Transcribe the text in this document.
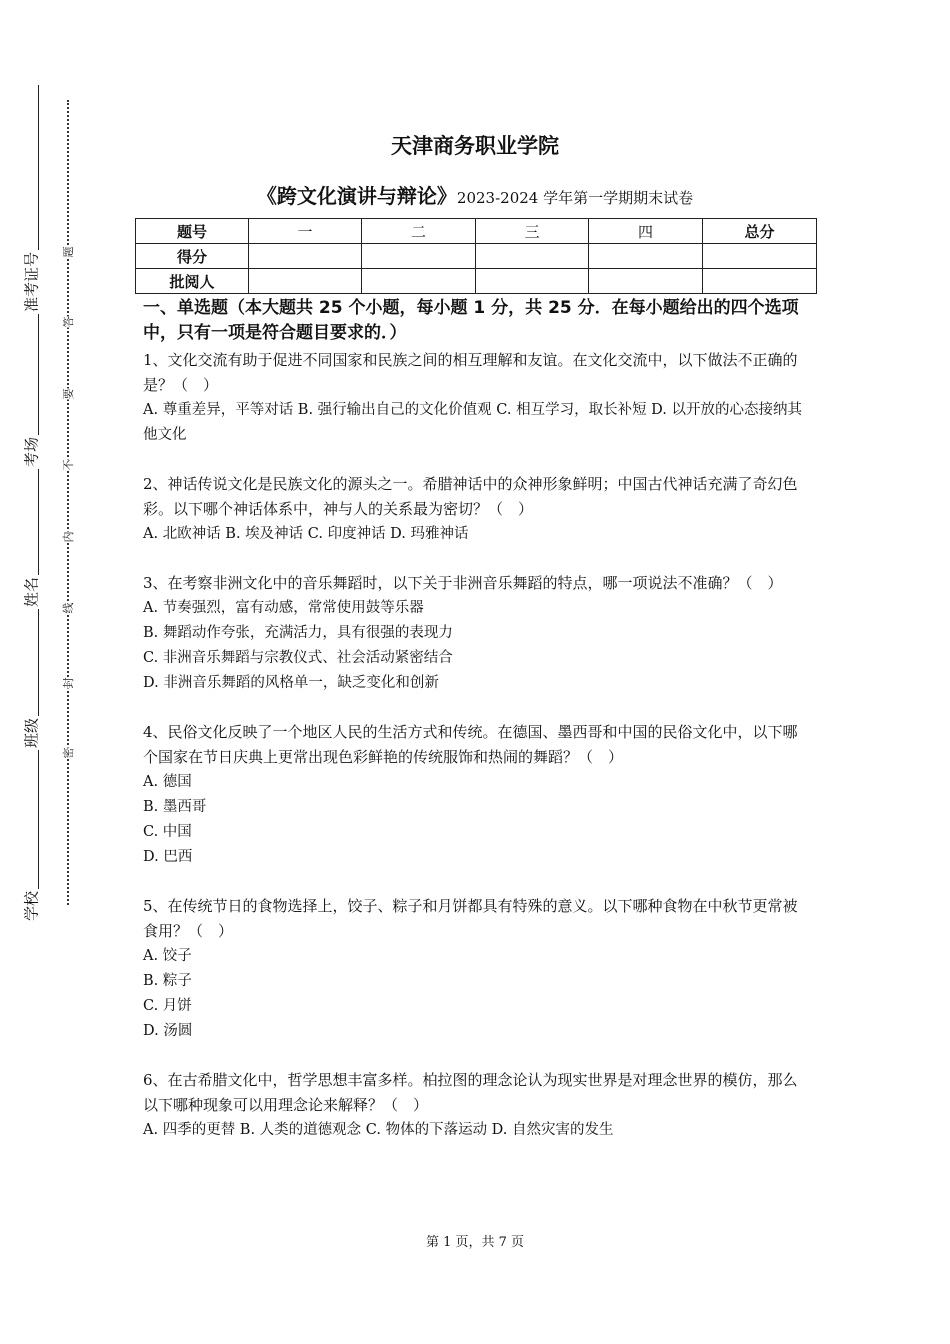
准考证号
考场
姓名
班级
学校
题
答
要
不
内
线
封
密
天津商务职业学院
《跨文化演讲与辩论》2023-2024 学年第一学期期末试卷
题号	一	二	三	四	总分
得分					
批阅人					
一、单选题（本大题共 25 个小题，每小题 1 分，共 25 分．在每小题给出的四个选项中，只有一项是符合题目要求的．）
1、文化交流有助于促进不同国家和民族之间的相互理解和友谊。在文化交流中，以下做法不正确的是？（　）
A. 尊重差异，平等对话 B. 强行输出自己的文化价值观 C. 相互学习，取长补短 D. 以开放的心态接纳其他文化
2、神话传说文化是民族文化的源头之一。希腊神话中的众神形象鲜明；中国古代神话充满了奇幻色彩。以下哪个神话体系中，神与人的关系最为密切？（　）
A. 北欧神话 B. 埃及神话 C. 印度神话 D. 玛雅神话
3、在考察非洲文化中的音乐舞蹈时，以下关于非洲音乐舞蹈的特点，哪一项说法不准确？（　）
A. 节奏强烈，富有动感，常常使用鼓等乐器
B. 舞蹈动作夸张，充满活力，具有很强的表现力
C. 非洲音乐舞蹈与宗教仪式、社会活动紧密结合
D. 非洲音乐舞蹈的风格单一，缺乏变化和创新
4、民俗文化反映了一个地区人民的生活方式和传统。在德国、墨西哥和中国的民俗文化中，以下哪个国家在节日庆典上更常出现色彩鲜艳的传统服饰和热闹的舞蹈？（　）
A. 德国
B. 墨西哥
C. 中国
D. 巴西
5、在传统节日的食物选择上，饺子、粽子和月饼都具有特殊的意义。以下哪种食物在中秋节更常被食用？（　）
A. 饺子
B. 粽子
C. 月饼
D. 汤圆
6、在古希腊文化中，哲学思想丰富多样。柏拉图的理念论认为现实世界是对理念世界的模仿，那么以下哪种现象可以用理念论来解释？（　）
A. 四季的更替 B. 人类的道德观念 C. 物体的下落运动 D. 自然灾害的发生
第 1 页，共 7 页
